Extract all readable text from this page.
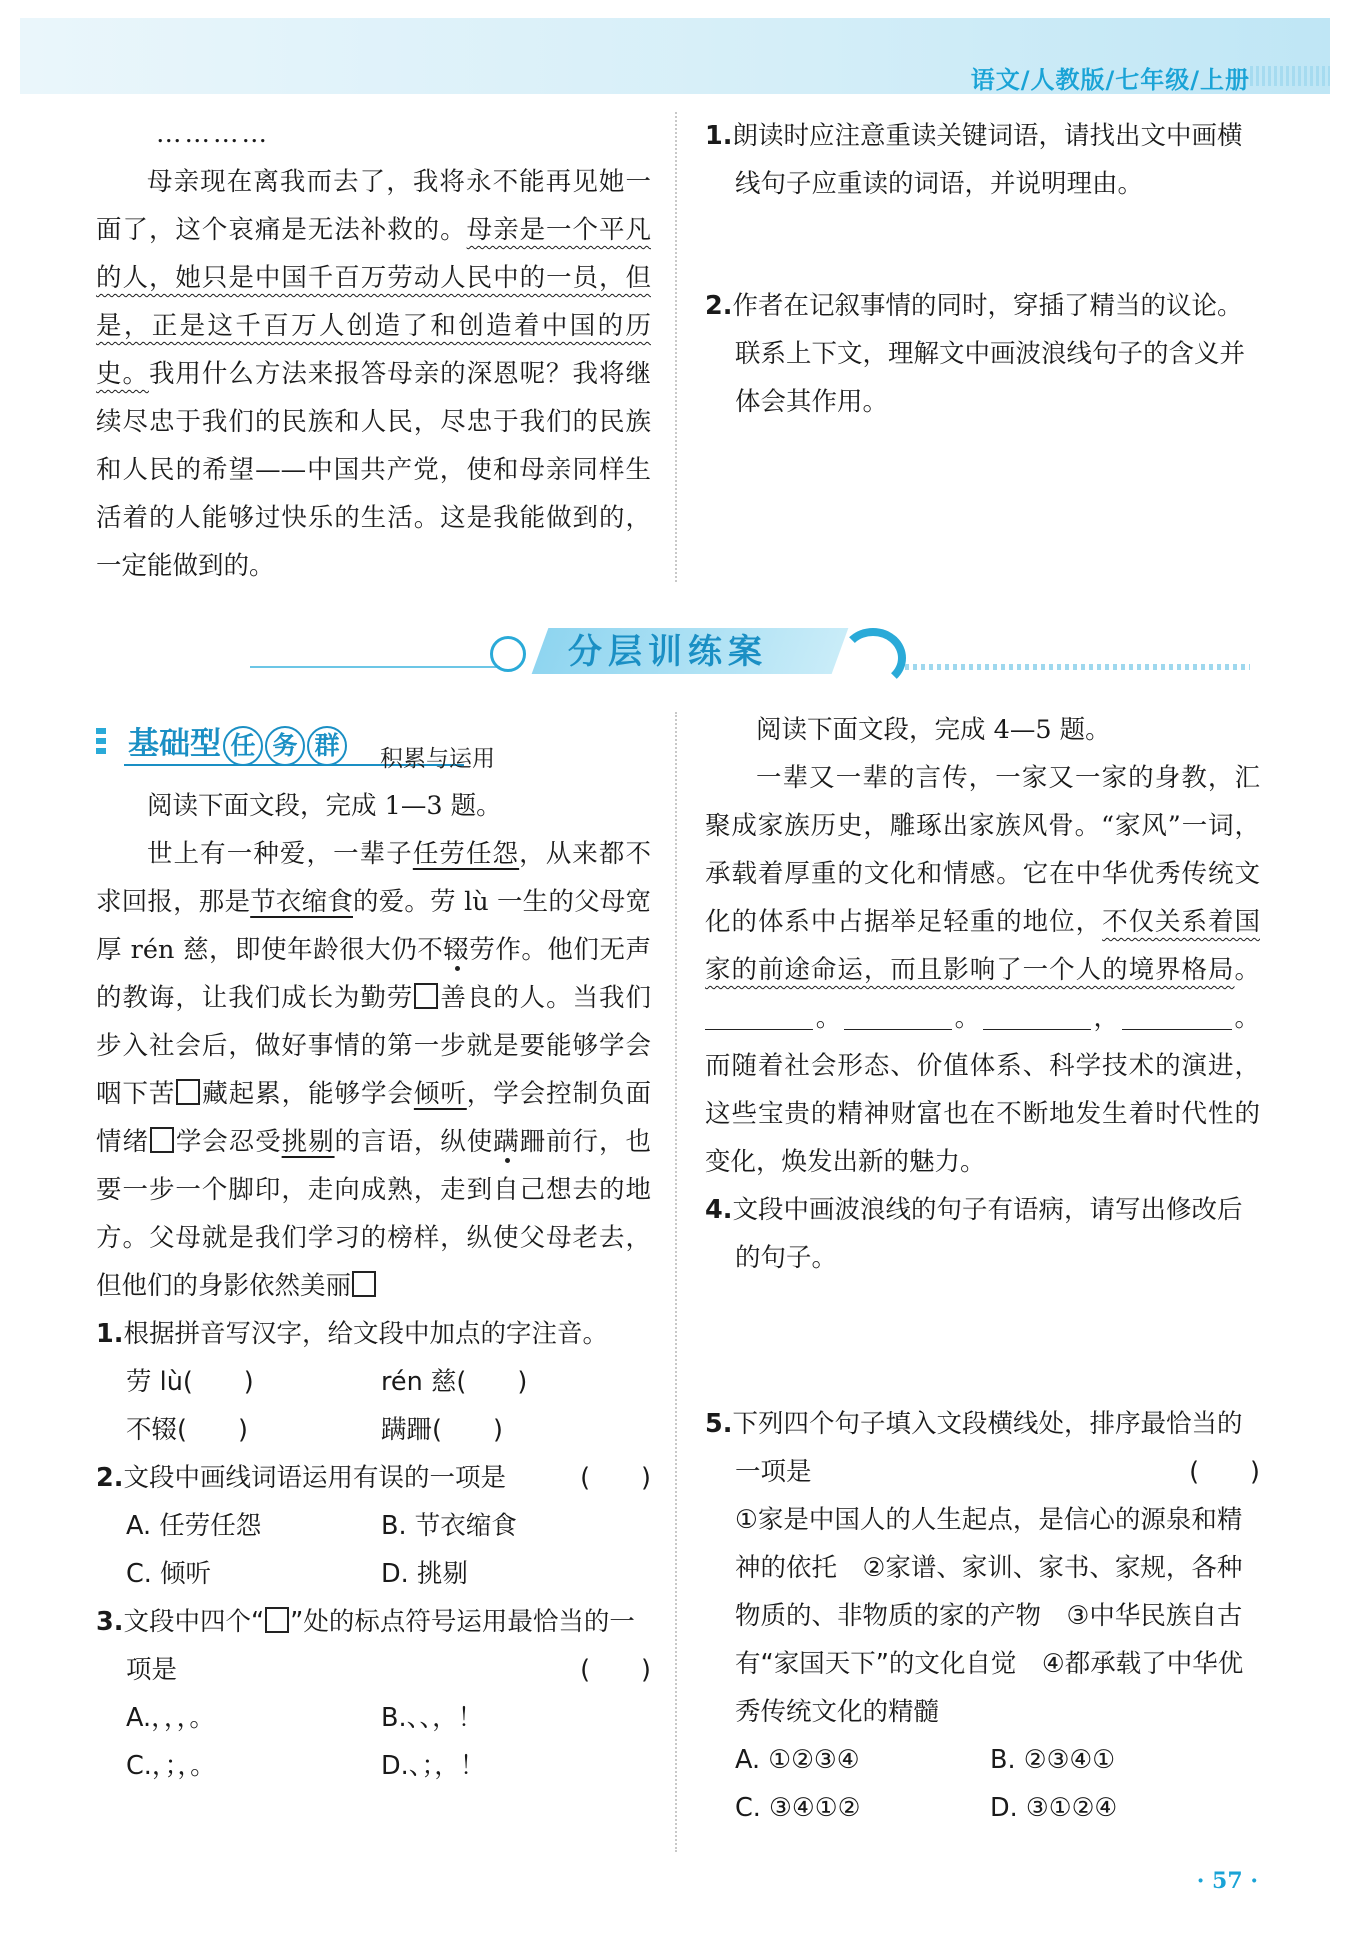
语文/人教版/七年级/上册

…………

母亲现在离我而去了，我将永不能再见她一面了，这个哀痛是无法补救的。母亲是一个平凡的人，她只是中国千百万劳动人民中的一员，但是，正是这千百万人创造了和创造着中国的历史。我用什么方法来报答母亲的深恩呢？我将继续尽忠于我们的民族和人民，尽忠于我们的民族和人民的希望——中国共产党，使和母亲同样生活着的人能够过快乐的生活。这是我能做到的，一定能做到的。

1.朗读时应注意重读关键词语，请找出文中画横线句子应重读的词语，并说明理由。

2.作者在记叙事情的同时，穿插了精当的议论。联系上下文，理解文中画波浪线句子的含义并体会其作用。

分层训练案
基础型 任 务 群	积累与运用

阅读下面文段，完成 1—3 题。

世上有一种爱，一辈子任劳任怨，从来都不求回报，那是节衣缩食的爱。劳 lù 一生的父母宽厚 rén 慈，即使年龄很大仍不辍劳作。他们无声的教诲，让我们成长为勤劳 善良的人。当我们步入社会后，做好事情的第一步就是要能够学会咽下苦 藏起累，能够学会倾听，学会控制负面情绪 学会忍受挑剔的言语，纵使蹒跚前行，也要一步一个脚印，走向成熟，走到自己想去的地方。父母就是我们学习的榜样，纵使父母老去，但他们的身影依然美丽

1.根据拼音写汉字，给文段中加点的字注音。

劳 lù(　　)	rén 慈(　　)
不辍(　　)	蹒跚(　　)

2.文段中画线词语运用有误的一项是	(　　)

A. 任劳任怨	B. 节衣缩食
C. 倾听	D. 挑剔

3.文段中四个“ ”处的标点符号运用最恰当的一项是	(　　)

A.，，，。	B.、、，！
C.，；，。	D.、；，！

阅读下面文段，完成 4—5 题。

一辈又一辈的言传，一家又一家的身教，汇聚成家族历史，雕琢出家族风骨。“家风”一词，承载着厚重的文化和情感。它在中华优秀传统文化的体系中占据举足轻重的地位，不仅关系着国家的前途命运，而且影响了一个人的境界格局。。	。	，	。而随着社会形态、价值体系、科学技术的演进，这些宝贵的精神财富也在不断地发生着时代性的变化，焕发出新的魅力。

4.文段中画波浪线的句子有语病，请写出修改后的句子。

5.下列四个句子填入文段横线处，排序最恰当的一项是	(　　)

①家是中国人的人生起点，是信心的源泉和精神的依托　②家谱、家训、家书、家规，各种物质的、非物质的家的产物　③中华民族自古有“家国天下”的文化自觉　④都承载了中华优秀传统文化的精髓

A. ①②③④	B. ②③④①
C. ③④①②	D. ③①②④
· 57 ·
